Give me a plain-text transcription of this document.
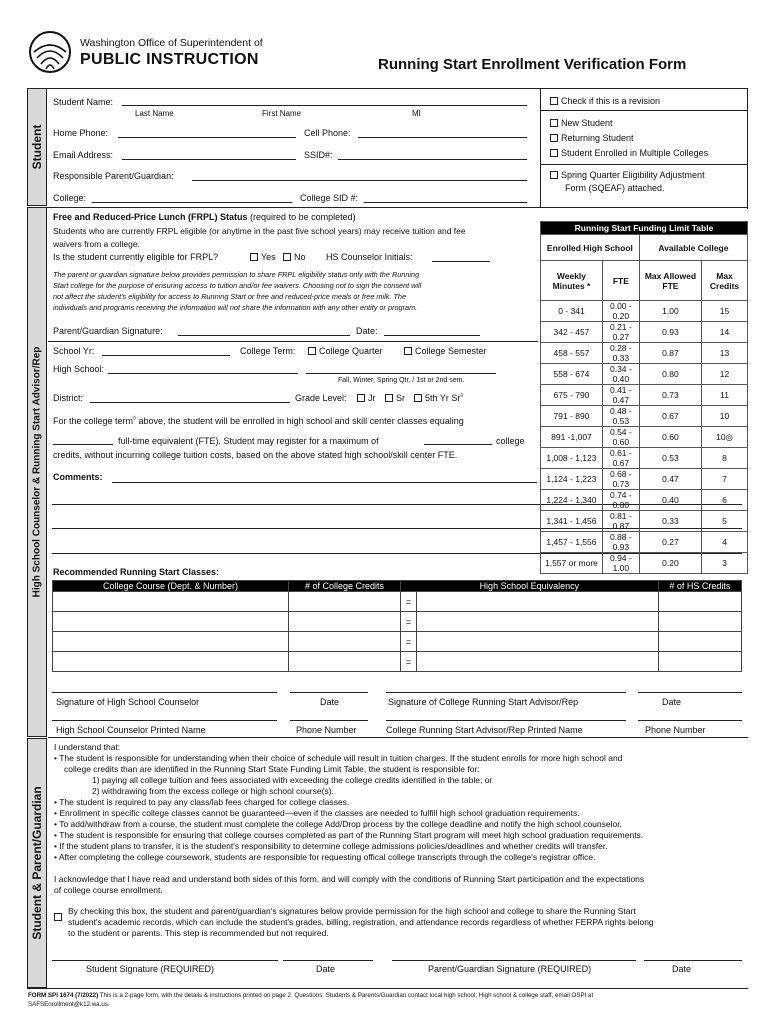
Washington Office of Superintendent of
PUBLIC INSTRUCTION	Running Start Enrollment Verification Form
Student
High School Counselor & Running Start Advisor/Rep
Student & Parent/Guardian
Student Name:
Last Name	First Name	MI
Home Phone:	Cell Phone:
Email Address:	SSID#:
Responsible Parent/Guardian:
College:	College SID #:
Check if this is a revision
New Student
Returning Student
Student Enrolled in Multiple Colleges
Spring Quarter Eligibility Adjustment
Form (SQEAF) attached.
Free and Reduced-Price Lunch (FRPL) Status (required to be completed)
Students who are currently FRPL eligible (or anytime in the past five school years) may receive tuition and fee
waivers from a college.
Is the student currently eligible for FRPL?	Yes	No HS Counselor Initials:
The parent or guardian signature below provides permission to share FRPL eligibility status only with the Running
Start college for the purpose of ensuring access to tuition and/or fee waivers. Choosing not to sign the consent will
not affect the student's eligibility for access to Running Start or free and reduced-price meals or free milk. The
individuals and programs receiving the information will not share the information with any other entity or program.
Parent/Guardian Signature:	Date:
School Yr:	College Term:	College Quarter	College Semester
High School:
Fall, Winter, Spring Qtr. / 1st or 2nd sem.
District:	Grade Level:	Jr	Sr	5th Yr Sr◊
For the college term◊ above, the student will be enrolled in high school and skill center classes equaling
full-time equivalent (FTE). Student may register for a maximum of	college
credits, without incurring college tuition costs, based on the above stated high school/skill center FTE.
Comments:
Running Start Funding Limit Table			
Enrolled High School		Available College	
Weekly Minutes *	FTE	Max Allowed FTE	Max Credits
0 - 341	0.00 - 0.20	1.00	15
342 - 457	0.21 - 0.27	0.93	14
458 - 557	0.28 - 0.33	0.87	13
558 - 674	0.34 - 0.40	0.80	12
675 - 790	0.41 - 0.47	0.73	11
791 - 890	0.48 - 0.53	0.67	10
891 -1,007	0.54 - 0.60	0.60	10◎
1,008 - 1,123	0.61 - 0.67	0.53	8
1,124 - 1,223	0.68 - 0.73	0.47	7
1,224 - 1,340	0.74 - 0.80	0.40	6
1,341 - 1,456	0.81 - 0.87	0.33	5
1,457 - 1,556	0.88 - 0.93	0.27	4
1,557 or more	0.94 - 1.00	0.20	3
Recommended Running Start Classes:
College Course (Dept. & Number)	# of College Credits	High School Equivalency		# of HS Credits
		=		
		=		
		=		
		=		
Signature of High School Counselor	Date	Signature of College Running Start Advisor/Rep	Date
High School Counselor Printed Name	Phone Number	College Running Start Advisor/Rep Printed Name	Phone Number
I understand that:
• The student is responsible for understanding when their choice of schedule will result in tuition charges. If the student enrolls for more high school and
college credits than are identified in the Running Start State Funding Limit Table, the student is responsible for:
1) paying all college tuition and fees associated with exceeding the college credits identified in the table; or
2) withdrawing from the excess college or high school course(s).
• The student is required to pay any class/lab fees charged for college classes.
• Enrollment in specific college classes cannot be guaranteed—even if the classes are needed to fulfill high school graduation requirements.
• To add/withdraw from a course, the student must complete the college Add/Drop process by the college deadline and notify the high school counselor.
• The student is responsible for ensuring that college courses completed as part of the Running Start program will meet high school graduation requirements.
• If the student plans to transfer, it is the student's responsibility to determine college admissions policies/deadlines and whether credits will transfer.
• After completing the college coursework, students are responsible for requesting offical college transcripts through the college's registrar office.
I acknowledge that I have read and understand both sides of this form, and will comply with the conditions of Running Start participation and the expectations
of college course enrollment.
By checking this box, the student and parent/guardian's signatures below provide permission for the high school and college to share the Running Start
student's academic records, which can include the student's grades, billing, registration, and attendance records regardless of whether FERPA rights belong
to the student or parents. This step is recommended but not required.
Student Signature (REQUIRED)	Date	Parent/Guardian Signature (REQUIRED)	Date
FORM SPI 1674 (7/2022) This is a 2-page form, with the details & instructions printed on page 2. Questions: Students & Parents/Guardian contact local high school; High school & college staff, email OSPI at
SAFSEnrollment@k12.wa.us.
